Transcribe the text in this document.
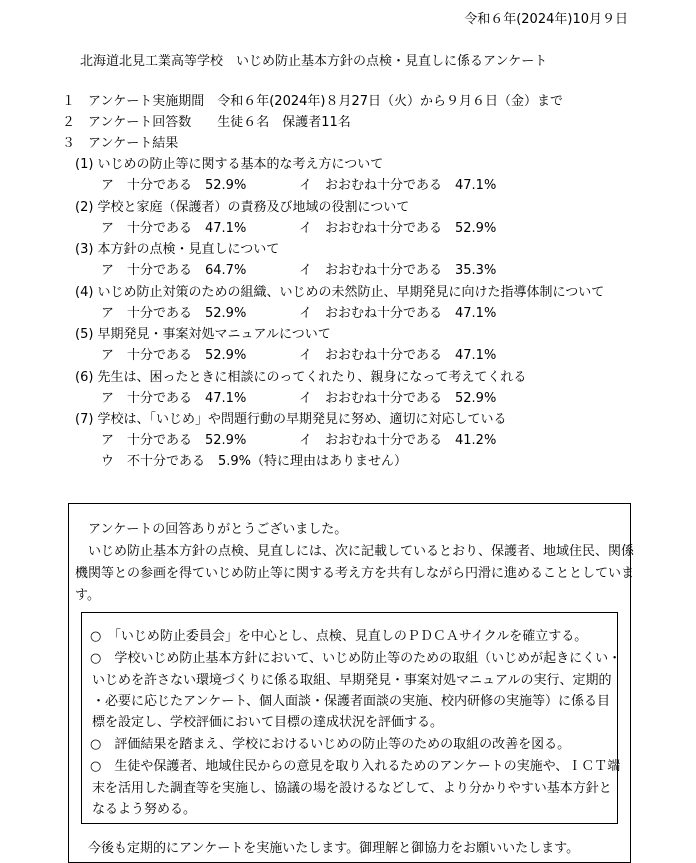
令和６年(2024年)10月９日
北海道北見工業高等学校　いじめ防止基本方針の点検・見直しに係るアンケート
１　アンケート実施期間　令和６年(2024年)８月27日（火）から９月６日（金）まで
２　アンケート回答数　　生徒６名　保護者11名
３　アンケート結果
(1) いじめの防止等に関する基本的な考え方について
ア　十分である　52.9%	イ　おおむね十分である　47.1%
(2) 学校と家庭（保護者）の責務及び地域の役割について
ア　十分である　47.1%	イ　おおむね十分である　52.9%
(3) 本方針の点検・見直しについて
ア　十分である　64.7%	イ　おおむね十分である　35.3%
(4) いじめ防止対策のための組織、いじめの未然防止、早期発見に向けた指導体制について
ア　十分である　52.9%	イ　おおむね十分である　47.1%
(5) 早期発見・事案対処マニュアルについて
ア　十分である　52.9%	イ　おおむね十分である　47.1%
(6) 先生は、困ったときに相談にのってくれたり、親身になって考えてくれる
ア　十分である　47.1%	イ　おおむね十分である　52.9%
(7) 学校は、「いじめ」や問題行動の早期発見に努め、適切に対応している
ア　十分である　52.9%	イ　おおむね十分である　41.2%
ウ　不十分である　5.9%（特に理由はありません）
アンケートの回答ありがとうございました。
いじめ防止基本方針の点検、見直しには、次に記載しているとおり、保護者、地域住民、関係
機関等との参画を得ていじめ防止等に関する考え方を共有しながら円滑に進めることとしていま
す。
○　「いじめ防止委員会」を中心とし、点検、見直しのＰＤＣＡサイクルを確立する。
○　学校いじめ防止基本方針において、いじめ防止等のための取組（いじめが起きにくい・
いじめを許さない環境づくりに係る取組、早期発見・事案対処マニュアルの実行、定期的
・必要に応じたアンケート、個人面談・保護者面談の実施、校内研修の実施等）に係る目
標を設定し、学校評価において目標の達成状況を評価する。
○　評価結果を踏まえ、学校におけるいじめの防止等のための取組の改善を図る。
○　生徒や保護者、地域住民からの意見を取り入れるためのアンケートの実施や、ＩＣＴ端
末を活用した調査等を実施し、協議の場を設けるなどして、より分かりやすい基本方針と
なるよう努める。
今後も定期的にアンケートを実施いたします。御理解と御協力をお願いいたします。
